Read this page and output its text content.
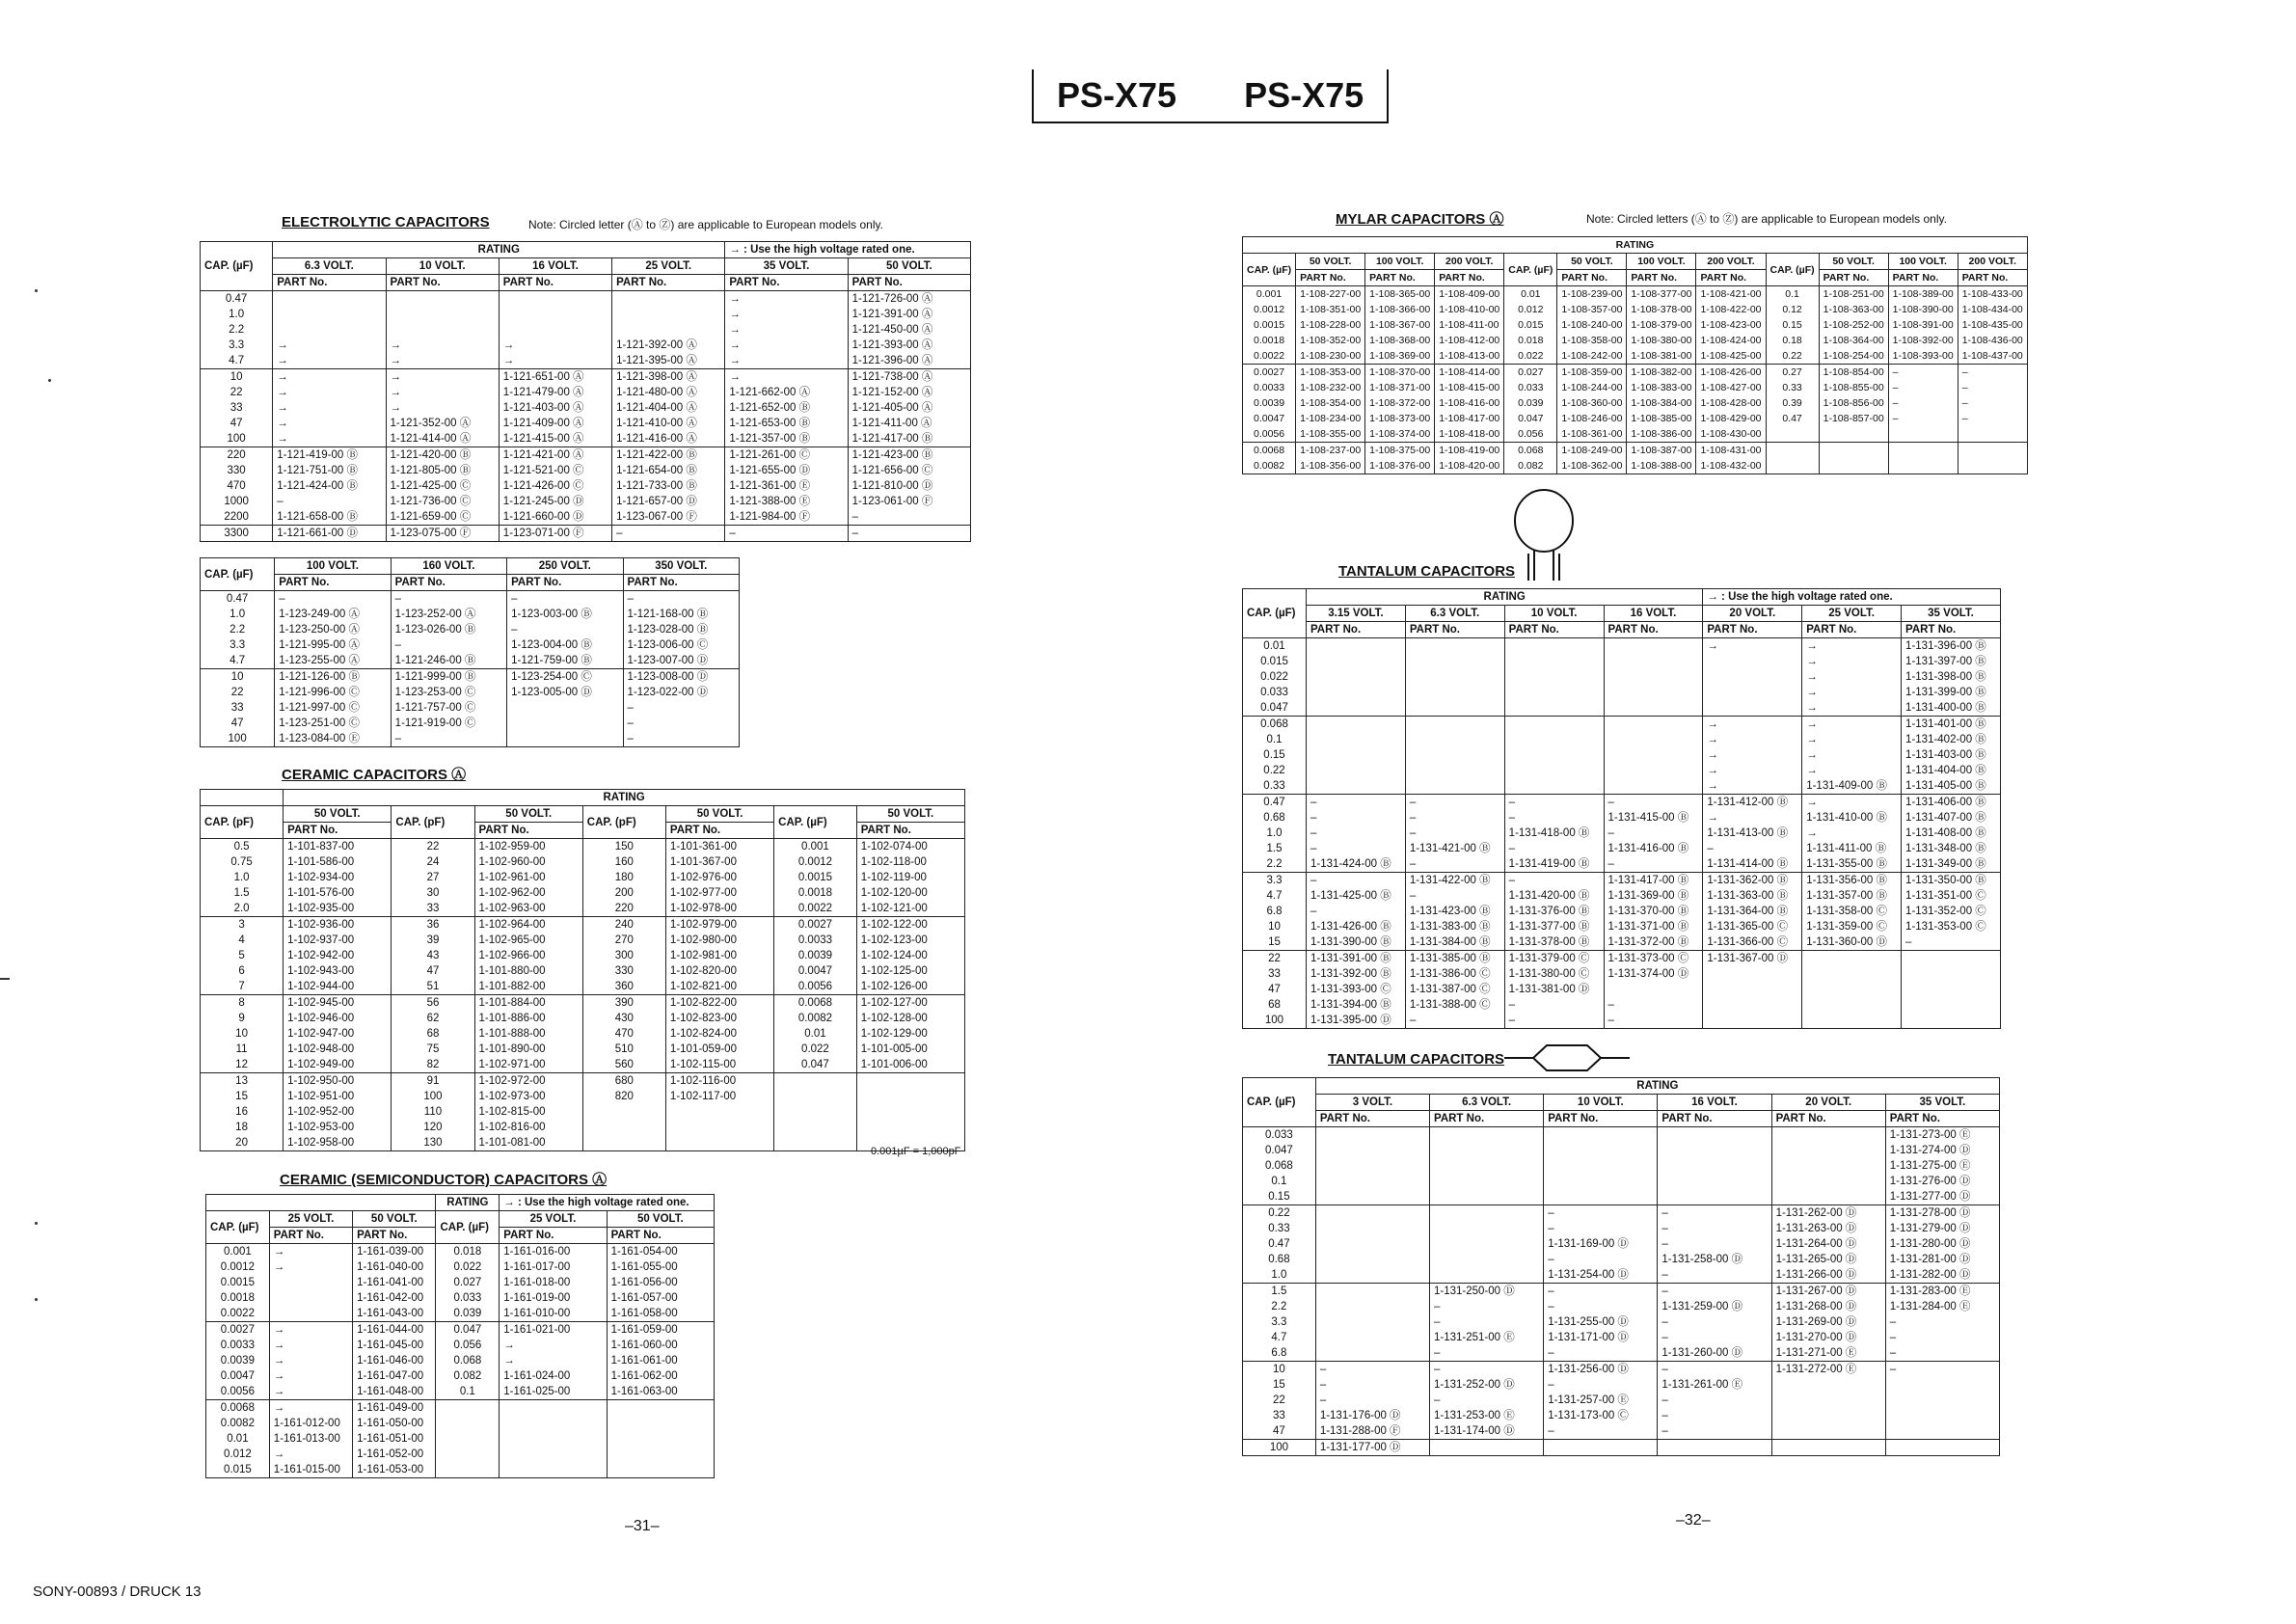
PS-X75 PS-X75
ELECTROLYTIC CAPACITORS	Note: Circled letter (Ⓐ to Ⓩ) are applicable to European models only.
CAP. (µF)	RATING				→ : Use the high voltage rated one.	
	6.3 VOLT.	10 VOLT.	16 VOLT.	25 VOLT.	35 VOLT.	50 VOLT.
	PART No.	PART No.	PART No.	PART No.	PART No.	PART No.
0.47					→	1-121-726-00 Ⓐ
1.0					→	1-121-391-00 Ⓐ
2.2					→	1-121-450-00 Ⓐ
3.3	→	→	→	1-121-392-00 Ⓐ	→	1-121-393-00 Ⓐ
4.7	→	→	→	1-121-395-00 Ⓐ	→	1-121-396-00 Ⓐ
10	→	→	1-121-651-00 Ⓐ	1-121-398-00 Ⓐ	→	1-121-738-00 Ⓐ
22	→	→	1-121-479-00 Ⓐ	1-121-480-00 Ⓐ	1-121-662-00 Ⓐ	1-121-152-00 Ⓐ
33	→	→	1-121-403-00 Ⓐ	1-121-404-00 Ⓐ	1-121-652-00 Ⓑ	1-121-405-00 Ⓐ
47	→	1-121-352-00 Ⓐ	1-121-409-00 Ⓐ	1-121-410-00 Ⓐ	1-121-653-00 Ⓑ	1-121-411-00 Ⓐ
100	→	1-121-414-00 Ⓐ	1-121-415-00 Ⓐ	1-121-416-00 Ⓐ	1-121-357-00 Ⓑ	1-121-417-00 Ⓑ
220	1-121-419-00 Ⓑ	1-121-420-00 Ⓑ	1-121-421-00 Ⓐ	1-121-422-00 Ⓑ	1-121-261-00 Ⓒ	1-121-423-00 Ⓑ
330	1-121-751-00 Ⓑ	1-121-805-00 Ⓑ	1-121-521-00 Ⓒ	1-121-654-00 Ⓑ	1-121-655-00 Ⓓ	1-121-656-00 Ⓒ
470	1-121-424-00 Ⓑ	1-121-425-00 Ⓒ	1-121-426-00 Ⓒ	1-121-733-00 Ⓑ	1-121-361-00 Ⓔ	1-121-810-00 Ⓓ
1000	–	1-121-736-00 Ⓒ	1-121-245-00 Ⓓ	1-121-657-00 Ⓓ	1-121-388-00 Ⓔ	1-123-061-00 Ⓕ
2200	1-121-658-00 Ⓑ	1-121-659-00 Ⓒ	1-121-660-00 Ⓓ	1-123-067-00 Ⓕ	1-121-984-00 Ⓕ	–
3300	1-121-661-00 Ⓓ	1-123-075-00 Ⓕ	1-123-071-00 Ⓕ	–	–	–
CAP. (µF)	100 VOLT.	160 VOLT.	250 VOLT.	350 VOLT.
	PART No.	PART No.	PART No.	PART No.
0.47	–	–	–	–
1.0	1-123-249-00 Ⓐ	1-123-252-00 Ⓐ	1-123-003-00 Ⓑ	1-121-168-00 Ⓑ
2.2	1-123-250-00 Ⓐ	1-123-026-00 Ⓑ	–	1-123-028-00 Ⓑ
3.3	1-121-995-00 Ⓐ	–	1-123-004-00 Ⓑ	1-123-006-00 Ⓒ
4.7	1-123-255-00 Ⓐ	1-121-246-00 Ⓑ	1-121-759-00 Ⓑ	1-123-007-00 Ⓓ
10	1-121-126-00 Ⓑ	1-121-999-00 Ⓑ	1-123-254-00 Ⓒ	1-123-008-00 Ⓓ
22	1-121-996-00 Ⓒ	1-123-253-00 Ⓒ	1-123-005-00 Ⓓ	1-123-022-00 Ⓓ
33	1-121-997-00 Ⓒ	1-121-757-00 Ⓒ		–
47	1-123-251-00 Ⓒ	1-121-919-00 Ⓒ		–
100	1-123-084-00 Ⓔ	–		–
CERAMIC CAPACITORS Ⓐ
	RATING						
CAP. (pF)	50 VOLT.	CAP. (pF)	50 VOLT.	CAP. (pF)	50 VOLT.	CAP. (µF)	50 VOLT.
	PART No.		PART No.		PART No.		PART No.
0.5	1-101-837-00	22	1-102-959-00	150	1-101-361-00	0.001	1-102-074-00
0.75	1-101-586-00	24	1-102-960-00	160	1-101-367-00	0.0012	1-102-118-00
1.0	1-102-934-00	27	1-102-961-00	180	1-102-976-00	0.0015	1-102-119-00
1.5	1-101-576-00	30	1-102-962-00	200	1-102-977-00	0.0018	1-102-120-00
2.0	1-102-935-00	33	1-102-963-00	220	1-102-978-00	0.0022	1-102-121-00
3	1-102-936-00	36	1-102-964-00	240	1-102-979-00	0.0027	1-102-122-00
4	1-102-937-00	39	1-102-965-00	270	1-102-980-00	0.0033	1-102-123-00
5	1-102-942-00	43	1-102-966-00	300	1-102-981-00	0.0039	1-102-124-00
6	1-102-943-00	47	1-101-880-00	330	1-102-820-00	0.0047	1-102-125-00
7	1-102-944-00	51	1-101-882-00	360	1-102-821-00	0.0056	1-102-126-00
8	1-102-945-00	56	1-101-884-00	390	1-102-822-00	0.0068	1-102-127-00
9	1-102-946-00	62	1-101-886-00	430	1-102-823-00	0.0082	1-102-128-00
10	1-102-947-00	68	1-101-888-00	470	1-102-824-00	0.01	1-102-129-00
11	1-102-948-00	75	1-101-890-00	510	1-101-059-00	0.022	1-101-005-00
12	1-102-949-00	82	1-102-971-00	560	1-102-115-00	0.047	1-101-006-00
13	1-102-950-00	91	1-102-972-00	680	1-102-116-00		
15	1-102-951-00	100	1-102-973-00	820	1-102-117-00		
16	1-102-952-00	110	1-102-815-00				
18	1-102-953-00	120	1-102-816-00				
20	1-102-958-00	130	1-101-081-00				
0.001µF = 1,000pF
CERAMIC (SEMICONDUCTOR) CAPACITORS Ⓐ
			RATING	→ : Use the high voltage rated one.	
CAP. (µF)	25 VOLT.	50 VOLT.	CAP. (µF)	25 VOLT.	50 VOLT.
	PART No.	PART No.		PART No.	PART No.
0.001	→	1-161-039-00	0.018	1-161-016-00	1-161-054-00
0.0012	→	1-161-040-00	0.022	1-161-017-00	1-161-055-00
0.0015		1-161-041-00	0.027	1-161-018-00	1-161-056-00
0.0018		1-161-042-00	0.033	1-161-019-00	1-161-057-00
0.0022		1-161-043-00	0.039	1-161-010-00	1-161-058-00
0.0027	→	1-161-044-00	0.047	1-161-021-00	1-161-059-00
0.0033	→	1-161-045-00	0.056	→	1-161-060-00
0.0039	→	1-161-046-00	0.068	→	1-161-061-00
0.0047	→	1-161-047-00	0.082	1-161-024-00	1-161-062-00
0.0056	→	1-161-048-00	0.1	1-161-025-00	1-161-063-00
0.0068	→	1-161-049-00			
0.0082	1-161-012-00	1-161-050-00			
0.01	1-161-013-00	1-161-051-00			
0.012	→	1-161-052-00			
0.015	1-161-015-00	1-161-053-00			
–31–
SONY-00893 / DRUCK 13
MYLAR CAPACITORS Ⓐ	Note: Circled letters (Ⓐ to Ⓩ) are applicable to European models only.
RATING											
CAP. (µF)	50 VOLT.	100 VOLT.	200 VOLT.	CAP. (µF)	50 VOLT.	100 VOLT.	200 VOLT.	CAP. (µF)	50 VOLT.	100 VOLT.	200 VOLT.
	PART No.	PART No.	PART No.		PART No.	PART No.	PART No.		PART No.	PART No.	PART No.
0.001	1-108-227-00	1-108-365-00	1-108-409-00	0.01	1-108-239-00	1-108-377-00	1-108-421-00	0.1	1-108-251-00	1-108-389-00	1-108-433-00
0.0012	1-108-351-00	1-108-366-00	1-108-410-00	0.012	1-108-357-00	1-108-378-00	1-108-422-00	0.12	1-108-363-00	1-108-390-00	1-108-434-00
0.0015	1-108-228-00	1-108-367-00	1-108-411-00	0.015	1-108-240-00	1-108-379-00	1-108-423-00	0.15	1-108-252-00	1-108-391-00	1-108-435-00
0.0018	1-108-352-00	1-108-368-00	1-108-412-00	0.018	1-108-358-00	1-108-380-00	1-108-424-00	0.18	1-108-364-00	1-108-392-00	1-108-436-00
0.0022	1-108-230-00	1-108-369-00	1-108-413-00	0.022	1-108-242-00	1-108-381-00	1-108-425-00	0.22	1-108-254-00	1-108-393-00	1-108-437-00
0.0027	1-108-353-00	1-108-370-00	1-108-414-00	0.027	1-108-359-00	1-108-382-00	1-108-426-00	0.27	1-108-854-00	–	–
0.0033	1-108-232-00	1-108-371-00	1-108-415-00	0.033	1-108-244-00	1-108-383-00	1-108-427-00	0.33	1-108-855-00	–	–
0.0039	1-108-354-00	1-108-372-00	1-108-416-00	0.039	1-108-360-00	1-108-384-00	1-108-428-00	0.39	1-108-856-00	–	–
0.0047	1-108-234-00	1-108-373-00	1-108-417-00	0.047	1-108-246-00	1-108-385-00	1-108-429-00	0.47	1-108-857-00	–	–
0.0056	1-108-355-00	1-108-374-00	1-108-418-00	0.056	1-108-361-00	1-108-386-00	1-108-430-00				
0.0068	1-108-237-00	1-108-375-00	1-108-419-00	0.068	1-108-249-00	1-108-387-00	1-108-431-00				
0.0082	1-108-356-00	1-108-376-00	1-108-420-00	0.082	1-108-362-00	1-108-388-00	1-108-432-00				
TANTALUM CAPACITORS
CAP. (µF)	RATING				→ : Use the high voltage rated one.		
	3.15 VOLT.	6.3 VOLT.	10 VOLT.	16 VOLT.	20 VOLT.	25 VOLT.	35 VOLT.
	PART No.	PART No.	PART No.	PART No.	PART No.	PART No.	PART No.
0.01					→	→	1-131-396-00 Ⓑ
0.015						→	1-131-397-00 Ⓑ
0.022						→	1-131-398-00 Ⓑ
0.033						→	1-131-399-00 Ⓑ
0.047						→	1-131-400-00 Ⓑ
0.068					→	→	1-131-401-00 Ⓑ
0.1					→	→	1-131-402-00 Ⓑ
0.15					→	→	1-131-403-00 Ⓑ
0.22					→	→	1-131-404-00 Ⓑ
0.33					→	1-131-409-00 Ⓑ	1-131-405-00 Ⓑ
0.47	–	–	–	–	1-131-412-00 Ⓑ	→	1-131-406-00 Ⓑ
0.68	–	–	–	1-131-415-00 Ⓑ	→	1-131-410-00 Ⓑ	1-131-407-00 Ⓑ
1.0	–	–	1-131-418-00 Ⓑ	–	1-131-413-00 Ⓑ	→	1-131-408-00 Ⓑ
1.5	–	1-131-421-00 Ⓑ	–	1-131-416-00 Ⓑ	–	1-131-411-00 Ⓑ	1-131-348-00 Ⓑ
2.2	1-131-424-00 Ⓑ	–	1-131-419-00 Ⓑ	–	1-131-414-00 Ⓑ	1-131-355-00 Ⓑ	1-131-349-00 Ⓑ
3.3	–	1-131-422-00 Ⓑ	–	1-131-417-00 Ⓑ	1-131-362-00 Ⓑ	1-131-356-00 Ⓑ	1-131-350-00 Ⓑ
4.7	1-131-425-00 Ⓑ	–	1-131-420-00 Ⓑ	1-131-369-00 Ⓑ	1-131-363-00 Ⓑ	1-131-357-00 Ⓑ	1-131-351-00 Ⓒ
6.8	–	1-131-423-00 Ⓑ	1-131-376-00 Ⓑ	1-131-370-00 Ⓑ	1-131-364-00 Ⓑ	1-131-358-00 Ⓒ	1-131-352-00 Ⓒ
10	1-131-426-00 Ⓑ	1-131-383-00 Ⓑ	1-131-377-00 Ⓑ	1-131-371-00 Ⓑ	1-131-365-00 Ⓒ	1-131-359-00 Ⓒ	1-131-353-00 Ⓒ
15	1-131-390-00 Ⓑ	1-131-384-00 Ⓑ	1-131-378-00 Ⓑ	1-131-372-00 Ⓑ	1-131-366-00 Ⓒ	1-131-360-00 Ⓓ	–
22	1-131-391-00 Ⓑ	1-131-385-00 Ⓑ	1-131-379-00 Ⓒ	1-131-373-00 Ⓒ	1-131-367-00 Ⓓ		
33	1-131-392-00 Ⓑ	1-131-386-00 Ⓒ	1-131-380-00 Ⓒ	1-131-374-00 Ⓓ			
47	1-131-393-00 Ⓒ	1-131-387-00 Ⓒ	1-131-381-00 Ⓓ				
68	1-131-394-00 Ⓑ	1-131-388-00 Ⓒ	–	–			
100	1-131-395-00 Ⓓ	–	–	–			
TANTALUM CAPACITORS
CAP. (µF)	RATING					
	3 VOLT.	6.3 VOLT.	10 VOLT.	16 VOLT.	20 VOLT.	35 VOLT.
	PART No.	PART No.	PART No.	PART No.	PART No.	PART No.
0.033						1-131-273-00 Ⓔ
0.047						1-131-274-00 Ⓓ
0.068						1-131-275-00 Ⓔ
0.1						1-131-276-00 Ⓓ
0.15						1-131-277-00 Ⓓ
0.22			–	–	1-131-262-00 Ⓓ	1-131-278-00 Ⓓ
0.33			–	–	1-131-263-00 Ⓓ	1-131-279-00 Ⓓ
0.47			1-131-169-00 Ⓓ	–	1-131-264-00 Ⓓ	1-131-280-00 Ⓓ
0.68			–	1-131-258-00 Ⓓ	1-131-265-00 Ⓓ	1-131-281-00 Ⓓ
1.0			1-131-254-00 Ⓓ	–	1-131-266-00 Ⓓ	1-131-282-00 Ⓓ
1.5		1-131-250-00 Ⓓ	–	–	1-131-267-00 Ⓓ	1-131-283-00 Ⓔ
2.2		–	–	1-131-259-00 Ⓓ	1-131-268-00 Ⓓ	1-131-284-00 Ⓔ
3.3		–	1-131-255-00 Ⓓ	–	1-131-269-00 Ⓓ	–
4.7		1-131-251-00 Ⓔ	1-131-171-00 Ⓓ	–	1-131-270-00 Ⓓ	–
6.8		–	–	1-131-260-00 Ⓓ	1-131-271-00 Ⓔ	–
10	–	–	1-131-256-00 Ⓓ	–	1-131-272-00 Ⓔ	–
15	–	1-131-252-00 Ⓓ	–	1-131-261-00 Ⓔ		
22	–	–	1-131-257-00 Ⓔ	–		
33	1-131-176-00 Ⓓ	1-131-253-00 Ⓔ	1-131-173-00 Ⓒ	–		
47	1-131-288-00 Ⓕ	1-131-174-00 Ⓓ	–	–		
100	1-131-177-00 Ⓓ					
–32–
